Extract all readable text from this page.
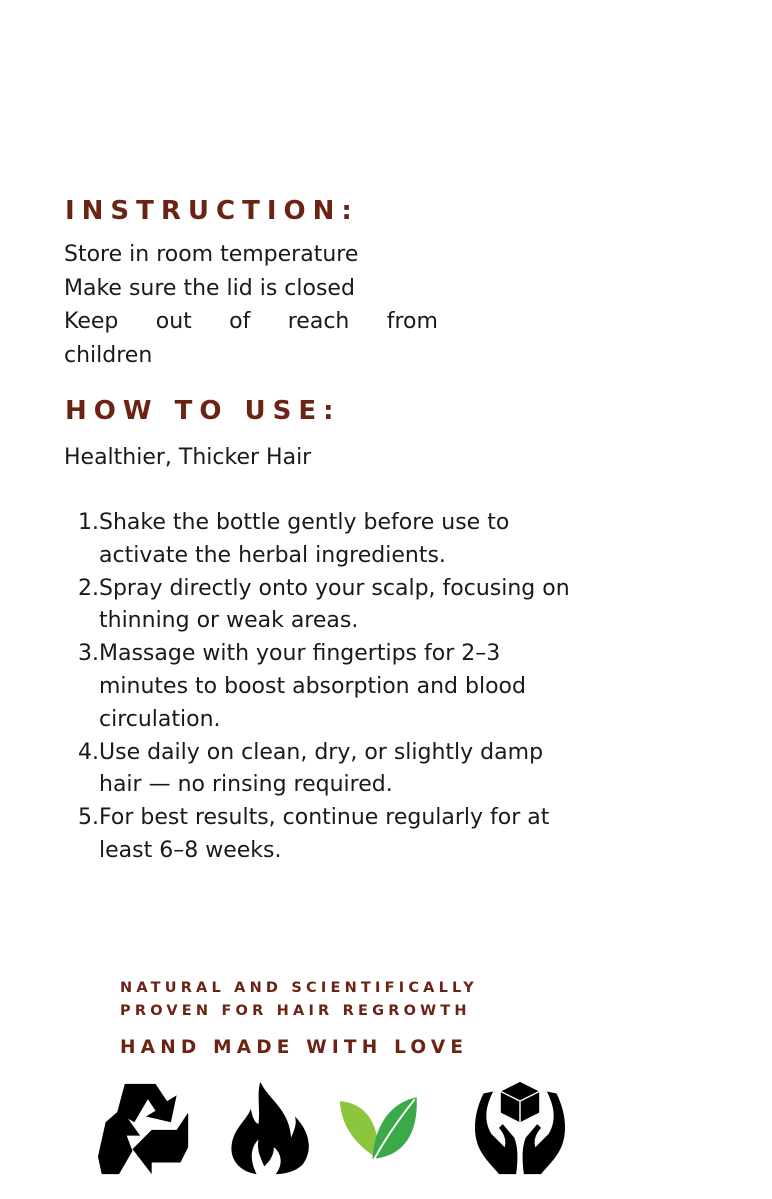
INSTRUCTION:
Store in room temperature
Make sure the lid is closed
Keep out of reach from
children
HOW TO USE:

Healthier, Thicker Hair

1. Shake the bottle gently before use to activate the herbal ingredients.
2. Spray directly onto your scalp, focusing on thinning or weak areas.
3. Massage with your fingertips for 2–3 minutes to boost absorption and blood circulation.
4. Use daily on clean, dry, or slightly damp hair — no rinsing required.
5. For best results, continue regularly for at least 6–8 weeks.
NATURAL AND SCIENTIFICALLY
PROVEN FOR HAIR REGROWTH
HAND MADE WITH LOVE
